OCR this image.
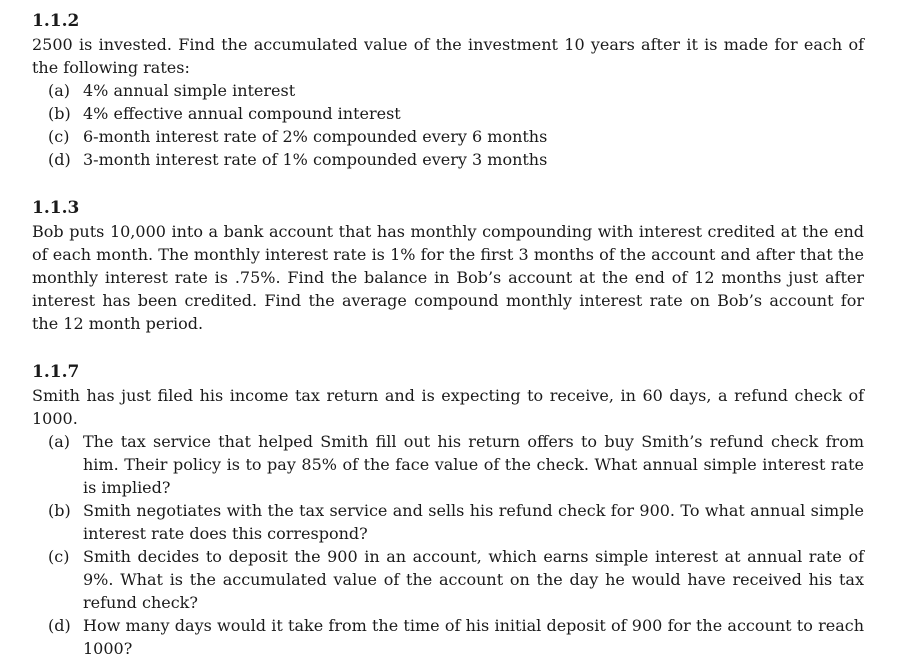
1.1.2

2500 is invested. Find the accumulated value of the investment 10 years after it is made for each of the following rates:

(a) 4% annual simple interest
(b) 4% effective annual compound interest
(c) 6-month interest rate of 2% compounded every 6 months
(d) 3-month interest rate of 1% compounded every 3 months
1.1.3

Bob puts 10,000 into a bank account that has monthly compounding with interest credited at the end of each month. The monthly interest rate is 1% for the first 3 months of the account and after that the monthly interest rate is .75%. Find the balance in Bob’s account at the end of 12 months just after interest has been credited. Find the average compound monthly interest rate on Bob’s account for the 12 month period.

1.1.7

Smith has just filed his income tax return and is expecting to receive, in 60 days, a refund check of 1000.

(a) The tax service that helped Smith fill out his return offers to buy Smith’s refund check from him. Their policy is to pay 85% of the face value of the check. What annual simple interest rate is implied?
(b) Smith negotiates with the tax service and sells his refund check for 900. To what annual simple interest rate does this correspond?
(c) Smith decides to deposit the 900 in an account, which earns simple interest at annual rate of 9%. What is the accumulated value of the account on the day he would have received his tax refund check?
(d) How many days would it take from the time of his initial deposit of 900 for the account to reach 1000?
